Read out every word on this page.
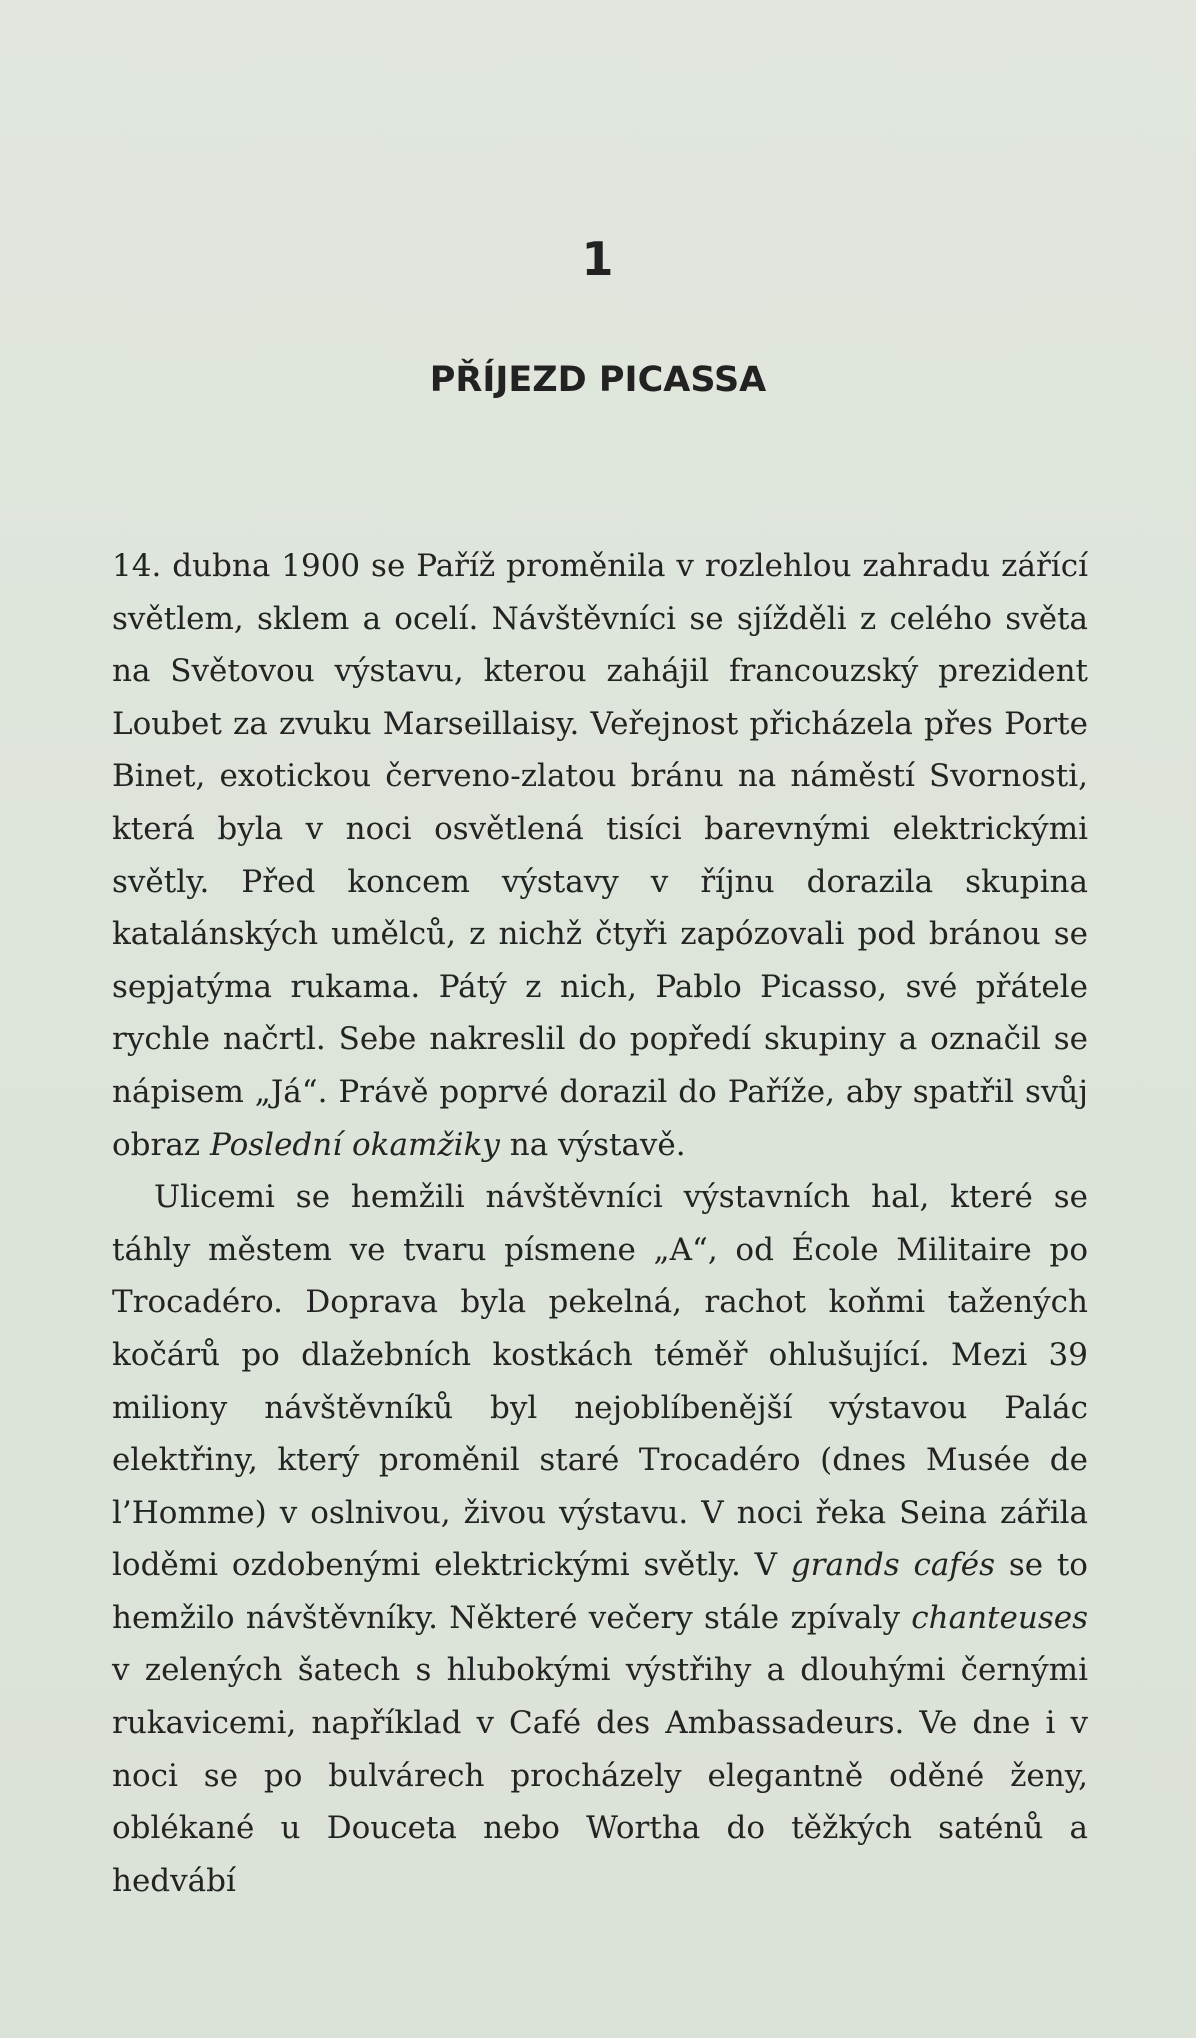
1
PŘÍJEZD PICASSA

14. dubna 1900 se Paříž proměnila v rozlehlou zahradu zářící světlem, sklem a ocelí. Návštěvníci se sjížděli z celého světa na Světovou výstavu, kterou zahájil francouzský prezident Loubet za zvuku Marseillaisy. Veřejnost přicházela přes Porte Binet, exotickou červeno-zlatou bránu na náměstí Svornosti, která byla v noci osvětlená tisíci barevnými elektrickými světly. Před koncem výstavy v říjnu dorazila skupina katalánských umělců, z nichž čtyři zapózovali pod bránou se sepjatýma rukama. Pátý z nich, Pablo Picasso, své přátele rychle načrtl. Sebe nakreslil do popředí skupiny a označil se nápisem „Já“. Právě poprvé dorazil do Paříže, aby spatřil svůj obraz Poslední okamžiky na výstavě.

Ulicemi se hemžili návštěvníci výstavních hal, které se táhly městem ve tvaru písmene „A“, od École Militaire po Trocadéro. Doprava byla pekelná, rachot koňmi tažených kočárů po dlažebních kostkách téměř ohlušující. Mezi 39 miliony návštěvníků byl nejoblíbenější výstavou Palác elektřiny, který proměnil staré Trocadéro (dnes Musée de l’Homme) v oslnivou, živou výstavu. V noci řeka Seina zářila loděmi ozdobenými elektrickými světly. V grands cafés se to hemžilo návštěvníky. Některé večery stále zpívaly chanteuses v zelených šatech s hlubokými výstřihy a dlouhými černými rukavicemi, například v Café des Ambassadeurs. Ve dne i v noci se po bulvárech procházely elegantně oděné ženy, oblékané u Douceta nebo Wortha do těžkých saténů a hedvábí
